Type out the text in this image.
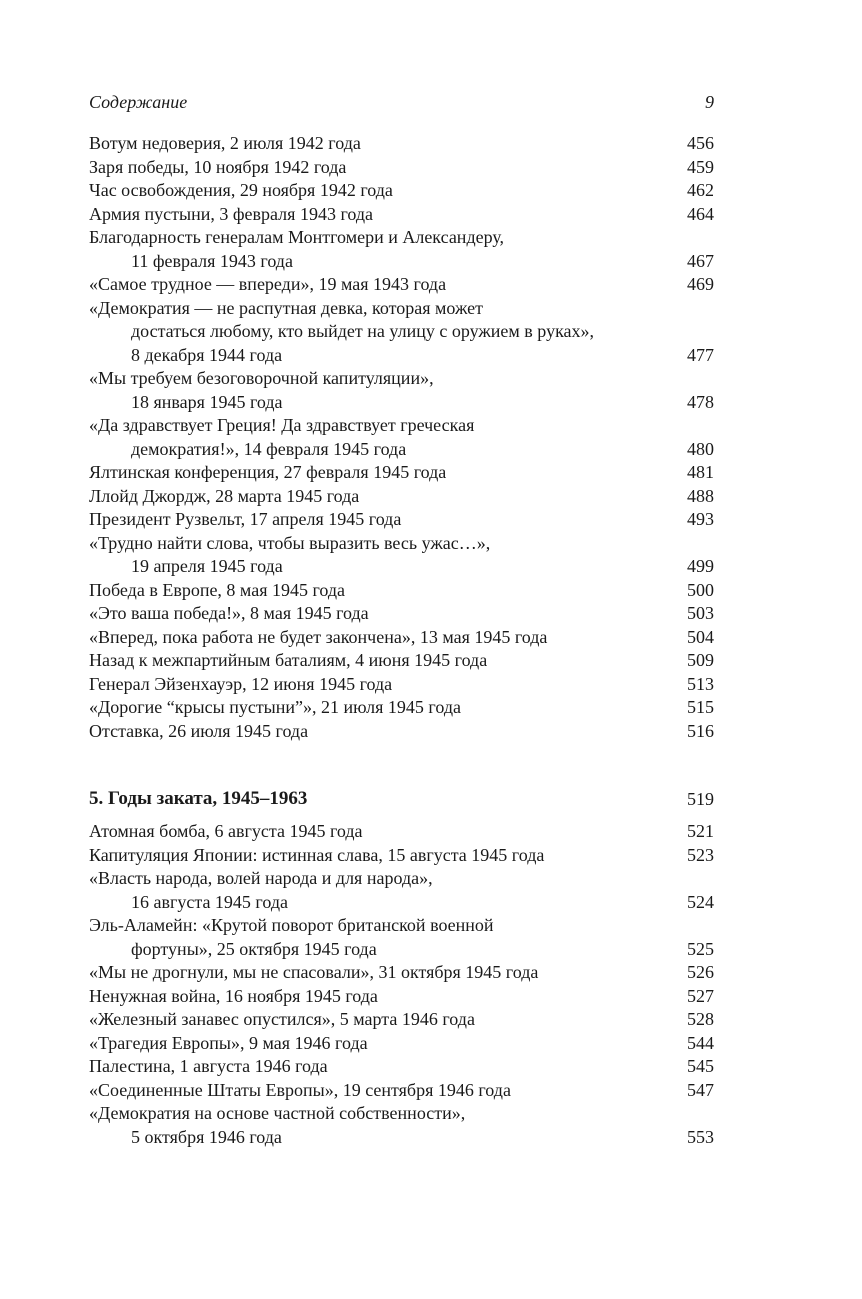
Содержание	9
Вотум недоверия, 2 июля 1942 года	456
Заря победы, 10 ноября 1942 года	459
Час освобождения, 29 ноября 1942 года	462
Армия пустыни, 3 февраля 1943 года	464
Благодарность генералам Монтгомери и Александеру,
11 февраля 1943 года	467
«Самое трудное — впереди», 19 мая 1943 года	469
«Демократия — не распутная девка, которая может
достаться любому, кто выйдет на улицу с оружием в руках»,
8 декабря 1944 года	477
«Мы требуем безоговорочной капитуляции»,
18 января 1945 года	478
«Да здравствует Греция! Да здравствует греческая
демократия!», 14 февраля 1945 года	480
Ялтинская конференция, 27 февраля 1945 года	481
Ллойд Джордж, 28 марта 1945 года	488
Президент Рузвельт, 17 апреля 1945 года	493
«Трудно найти слова, чтобы выразить весь ужас…»,
19 апреля 1945 года	499
Победа в Европе, 8 мая 1945 года	500
«Это ваша победа!», 8 мая 1945 года	503
«Вперед, пока работа не будет закончена», 13 мая 1945 года	504
Назад к межпартийным баталиям, 4 июня 1945 года	509
Генерал Эйзенхауэр, 12 июня 1945 года	513
«Дорогие “крысы пустыни”», 21 июля 1945 года	515
Отставка, 26 июля 1945 года	516
5. Годы заката, 1945–1963	519
Атомная бомба, 6 августа 1945 года	521
Капитуляция Японии: истинная слава, 15 августа 1945 года	523
«Власть народа, волей народа и для народа»,
16 августа 1945 года	524
Эль-Аламейн: «Крутой поворот британской военной
фортуны», 25 октября 1945 года	525
«Мы не дрогнули, мы не спасовали», 31 октября 1945 года	526
Ненужная война, 16 ноября 1945 года	527
«Железный занавес опустился», 5 марта 1946 года	528
«Трагедия Европы», 9 мая 1946 года	544
Палестина, 1 августа 1946 года	545
«Соединенные Штаты Европы», 19 сентября 1946 года	547
«Демократия на основе частной собственности»,
5 октября 1946 года	553
